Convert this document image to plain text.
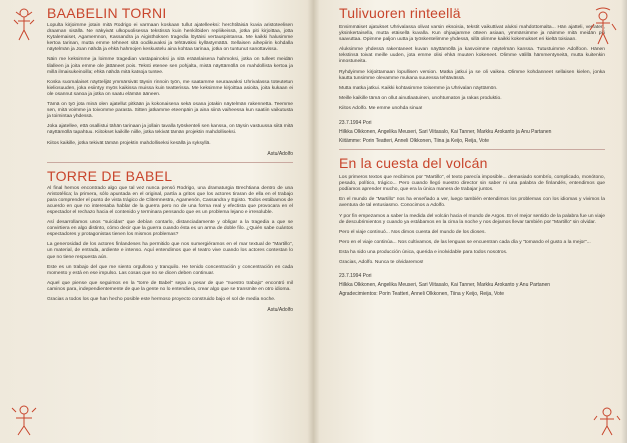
BAABELIN TORNI

Lopulta kirjoimme jotain mitä Rodrigo ei varmaan koskaan tullut ajatelleeksi: herchtiläisiä kuvia aristoteelisen draaman sisällä. Ne näkyivät ulkopuolisessa tekstissä kuin henkilöiden repliikeissä, jotka piti kirjoittaa, jotta Kytalemaiset, Agamemnon, Kassandra ja Aigisthoksen tragedia löytäisi vertauspintansa. Me kaikki halusimme kertoa tarinan, mutta emme tehneet sitä oodikuvaksi ja tehtäväksi kyllästymättä. Sellaisen aihepiirin kohdalla näytelmän ja Joan nähdä ja ehkä hahmojen keskustelu aina kohtaa tarinaa, jotka on tuntunut sanottavissa.

Näin me keksimme ja loimme tragedian vastapainoksi ja sitä eräänlaisena hahmoksi, jotka on tulleet meidän tilalleen ja joita emme ole jättäneet pois. Teksti etenee sen pohjalta, mistä näyttämöllä on mahdollista kertoa ja millä ilmaisukeinoilla; ehkä nähdä mitä katsoja tuntee.

Koska suomalaiset näyttelijät ymmärsivät täysin rinnoin työn, me saatamme seuraavaksi Uhrivalassa toteutetun kieliosuuden, joka esiintyy myös kaikissa muissa kuin teatterissa. Me keksimme kirjoittaa asioita, joita kukaan ei ole osannut sanoa ja jotka on saatu elämän ääneen.

Tämä on työ jota minä olen ajatellut pitkään ja kokonaisena sekä osana jotakin näytelmän rakennetta. Teemme sen, mitä voimme ja toivomme parasta. Sitten jatkamme eteenpäin ja aina siinä vaiheessa kun saatiin vaikutusta ja toimintaa yhdessä.

Joka ajatellee, että osallistui tähän tarinaan ja jollain tavalla työskenteli sen kanssa, on täysin vastuussa siitä mitä näyttämöllä tapahtuu. Kiitokset kaikille niille, jotka tekivät tämän projektin mahdolliseksi.

Kiitos kaikille, jotka tekivät tämän projektin mahdolliseksi kesällä ja syksyllä.

Astu/Adolfo

TORRE DE BABEL

Al final hemos encontrado algo que tal vez nunca pensó Rodrigo, una dramaturgia Brechtiana dentro de una Aristotélica; la primera, sólo apuntada en el original, partía a gritos que los actores tiraran de ella en el trabajo para comprender el punto de vista trágico de Clitemnestra, Agamenón, Cassandra y Egisto. Todos estábamos de acuerdo en que no interesaba hablar de la guerra pero no de una forma real y efectista que provocara en el espectador el rechazo hacia el contenido y terminara pensando que es un problema lejano e irresoluble.

Así desarrollamos unos “suicidas” que debían contarlo, distanciadamente y obligar a la tragedia a que se convirtiera en algo distinto, cómo decir que la guerra cuando ésta es un arma de doble filo. ¿Quién sabe cuántos espectadores y protagonistas tienen los mismos problemas?

La generosidad de los actores finlandeses ha permitido que nos sumergiéramos en el mar textual de “Martillo”, un material, de entrada, ardiente e intenso. Aquí entendimos que el teatro vive cuando los actores contestan lo que no tiene respuesta aún.

Este es un trabajo del que me siento orgulloso y tranquilo. He tenido concentración y concentración en cada momento y está en ese impulso. Las cosas que no se dicen deben continuar.

Aquel que piense que seguimos en la “torre de Babel” sepa a pesar de que “nuestro trabajo” encontró mil caminos para, independientemente de que la gente no lo entendiera, crear algo que se transmite en otro idioma.

Gracias a todos los que han hecho posible este hermoso proyecto construido bajo el sol de media noche.

Astu/Adolfo

Tulivuoren rinteellä

Ensimmäiset ajatukset Uhrivalassa olivat varsin eksoisia, tekstit vaikuttivat aluksi mahdottomalta... Hän ajatteli, verraten, yksinkertaisella, mutta etäisellä kuvalla. Kun ohjaajamme otteen asiaan, ymmärsimme ja näimme mitä meidän piti saavuttaa. Opimme paljon uutta ja työskentelimme yhdessä, sillä olimme kaikki kokemukset eri kieltä toisiaan.

Aluksimme yhdessä rakentaneet kuvan näyttämöllä ja kasvoimme näytelmän kanssa. Tutustuimme Adolfoon. Hänen tekstinsä toivat meille uuden, jota emme olisi ehkä muuten kokeneet. Olimme välillä hämmentyneitä, mutta kuitenkin innostuneita.

Ryhdyimme kirjoittamaan lopullisen version. Matka jatkui ja se oli vaikea. Olimme kohdanneet sellaisen kielen, jonka kautta tunsimme olevamme mukana suuressa tehtävässä.

Mutta matka jatkui. Kaikki kohtasimme toisemme ja Uhrivalan näyttämön.

Meille kaikille tämä on ollut ainutlaatuinen, unohtumaton ja rakas produktio.

Kiitos Adolfo. Me emme unohda sinua!

23.7.1994 Pori

Hilkka Olkkonen, Angelika Meuseri, Sari Viitasalo, Kai Tanner, Markku Arokanto ja Anu Partanen

Kiitämme: Porin Teatteri, Anneli Olkkonen, Tiina ja Keijo, Reija, Vote

En la cuesta del volcán

Los primeros textos que recibimos por “Martillo”, el texto parecía imposible... demasiado sombrío, complicado, monótono, pesado, político, trágico... Pero cuando llegó nuestro director sin saber ni una palabra de finlandés, entendimos que podíamos aprender mucho, que era la única manera de trabajar juntos.

En el mundo de “Martillo” nos ha enseñado a ver, luego también entendimos los problemas con los idiomas y vivimos la aventura de tal entusiasmo. Conocimos a Adolfo.

Y por fin empezamos a saber la medida del volcán hacia el mundo de Argos. En el mejor sentido de la palabra fue un viaje de descubrimientos y cuando ya estábamos en la cima la noche y nos dejamos llevar también por “Martillo” sin olvidar.

Pero el viaje continuó... Nos dimos cuenta del mundo de los dioses.

Pero en el viaje continúa... Nos cultivamos, de las lenguas se encuentran cada día y “tomando el gusto a la mejor”...

Esta ha sido una producción única, querida e inolvidable para todos nosotros.

Gracias, Adolfo. Nunca te olvidaremos!

23.7.1994 Pori

Hilkka Olkkonen, Angelika Meuseri, Sari Viitasalo, Kai Tanner, Markku Arokanto y Anu Partanen

Agradecimientos: Porin Teatteri, Anneli Olkkonen, Tiina y Keijo, Reija, Vote
